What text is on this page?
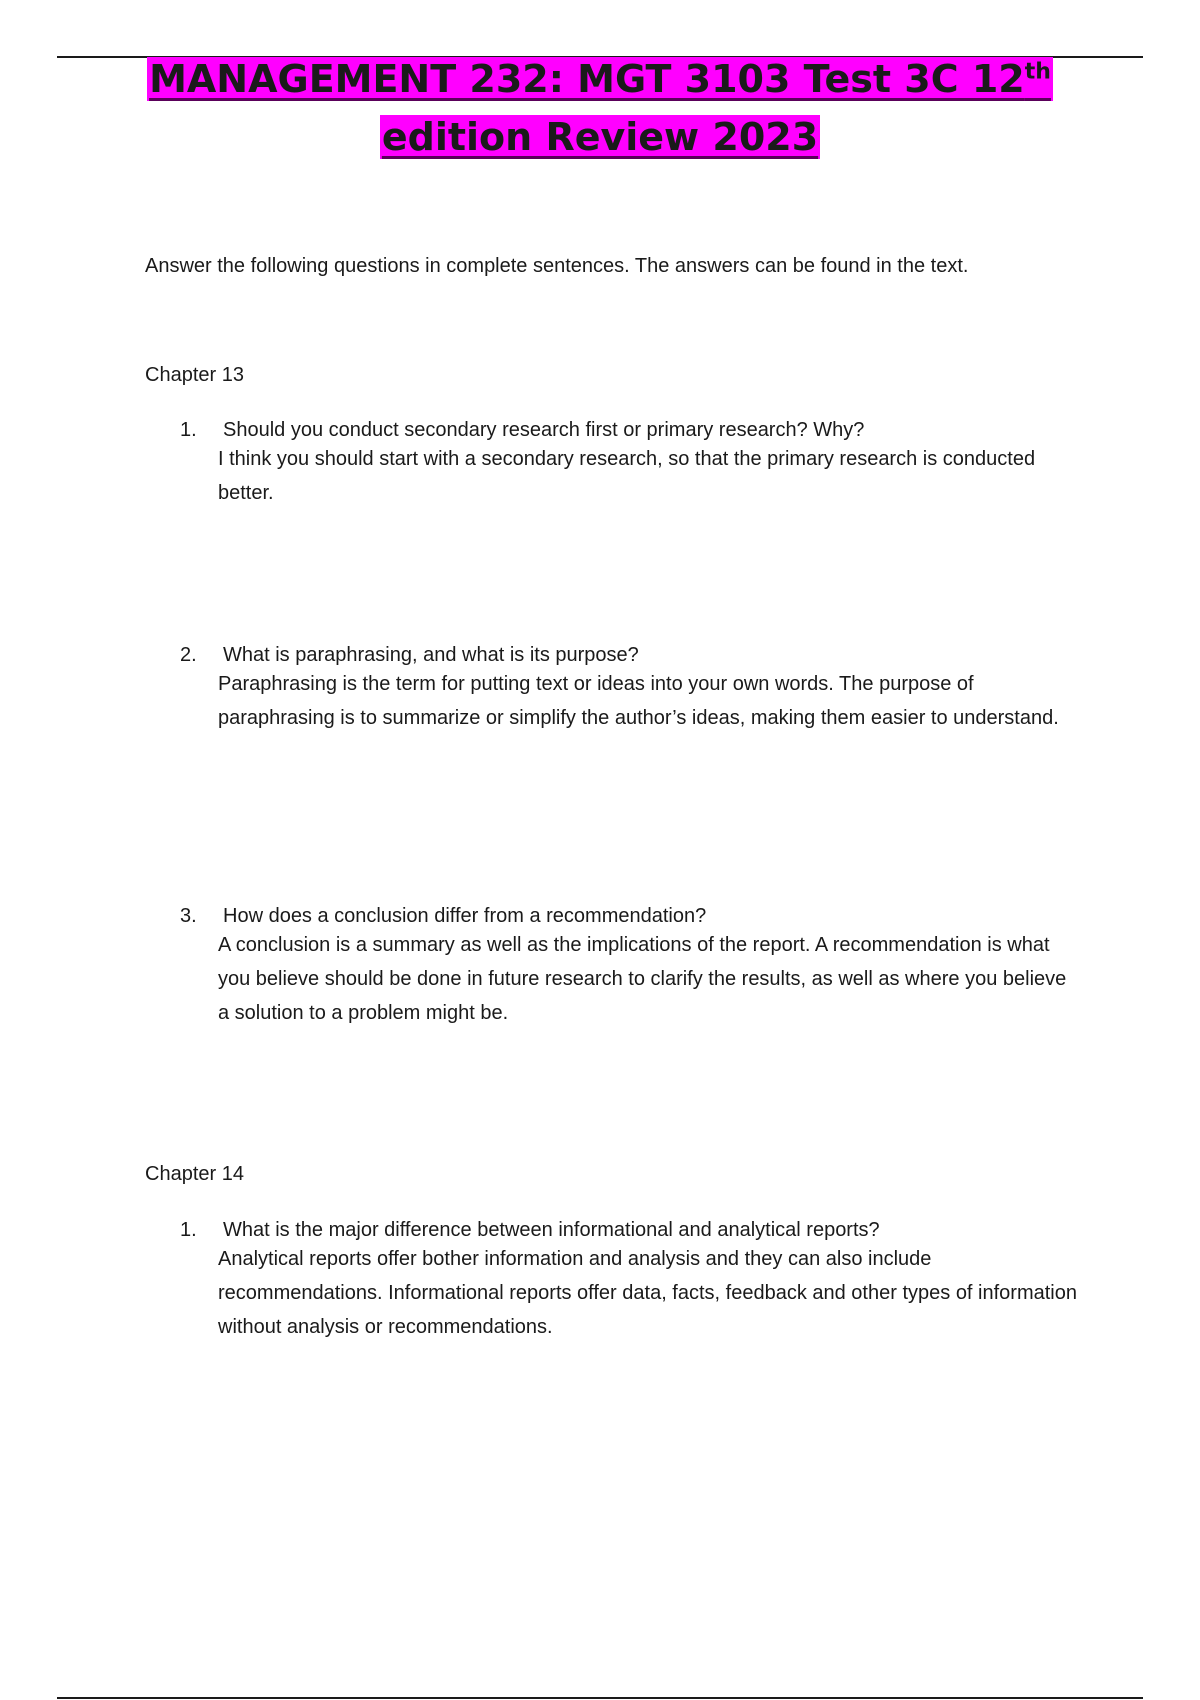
MANAGEMENT 232: MGT 3103 Test 3C 12th
edition Review 2023

Answer the following questions in complete sentences. The answers can be found in the text.

Chapter 13

1.	Should you conduct secondary research first or primary research? Why?
I think you should start with a secondary research, so that the primary research is conducted better.
2.	What is paraphrasing, and what is its purpose?
Paraphrasing is the term for putting text or ideas into your own words. The purpose of paraphrasing is to summarize or simplify the author’s ideas, making them easier to understand.
3.	How does a conclusion differ from a recommendation?
A conclusion is a summary as well as the implications of the report. A recommendation is what you believe should be done in future research to clarify the results, as well as where you believe a solution to a problem might be.

Chapter 14

1.	What is the major difference between informational and analytical reports?
Analytical reports offer bother information and analysis and they can also include recommendations. Informational reports offer data, facts, feedback and other types of information without analysis or recommendations.
